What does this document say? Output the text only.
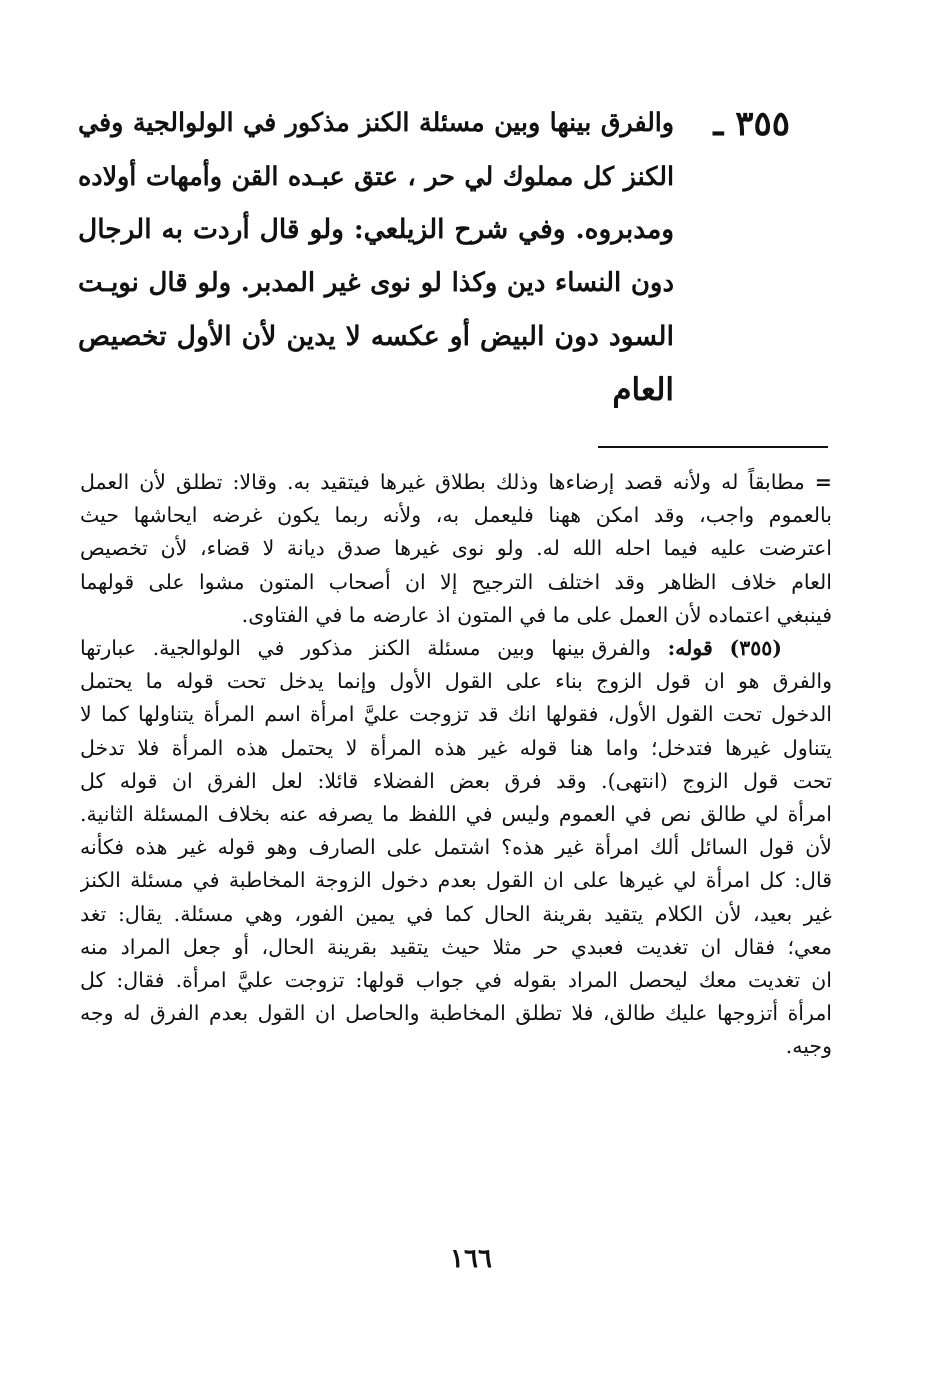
٣٥٥ ـ
والفرق بينها وبين مسئلة الكنز مذكور في الولوالجية وفي
الكنز كل مملوك لي حر ، عتق عبـده القن وأمهات أولاده
ومدبروه. وفي شرح الزيلعي: ولو قال أردت به الرجال
دون النساء دين وكذا لو نوى غير المدبر. ولو قال نويـت
السود دون البيض أو عكسه لا يدين لأن الأول تخصيص
العام
= مطابقاً له ولأنه قصد إرضاءها وذلك بطلاق غيرها فيتقيد به. وقالا: تطلق لأن العمل
بالعموم واجب، وقد امكن ههنا فليعمل به، ولأنه ربما يكون غرضه ايحاشها حيث
اعترضت عليه فيما احله الله له. ولو نوى غيرها صدق ديانة لا قضاء، لأن تخصيص
العام خلاف الظاهر وقد اختلف الترجيح إلا ان أصحاب المتون مشوا على قولهما
فينبغي اعتماده لأن العمل على ما في المتون اذ عارضه ما في الفتاوى.
(٣٥٥) قوله: والفرق بينها وبين مسئلة الكنز مذكور في الولوالجية. عبارتها
والفرق هو ان قول الزوج بناء على القول الأول وإنما يدخل تحت قوله ما يحتمل
الدخول تحت القول الأول، فقولها انك قد تزوجت عليَّ امرأة اسم المرأة يتناولها كما لا
يتناول غيرها فتدخل؛ واما هنا قوله غير هذه المرأة لا يحتمل هذه المرأة فلا تدخل
تحت قول الزوج (انتهى). وقد فرق بعض الفضلاء قائلا: لعل الفرق ان قوله كل
امرأة لي طالق نص في العموم وليس في اللفظ ما يصرفه عنه بخلاف المسئلة الثانية.
لأن قول السائل ألك امرأة غير هذه؟ اشتمل على الصارف وهو قوله غير هذه فكأنه
قال: كل امرأة لي غيرها على ان القول بعدم دخول الزوجة المخاطبة في مسئلة الكنز
غير بعيد، لأن الكلام يتقيد بقرينة الحال كما في يمين الفور، وهي مسئلة. يقال: تغد
معي؛ فقال ان تغديت فعبدي حر مثلا حيث يتقيد بقرينة الحال، أو جعل المراد منه
ان تغديت معك ليحصل المراد بقوله في جواب قولها: تزوجت عليَّ امرأة. فقال: كل
امرأة أتزوجها عليك طالق، فلا تطلق المخاطبة والحاصل ان القول بعدم الفرق له وجه
وجيه.
١٦٦
